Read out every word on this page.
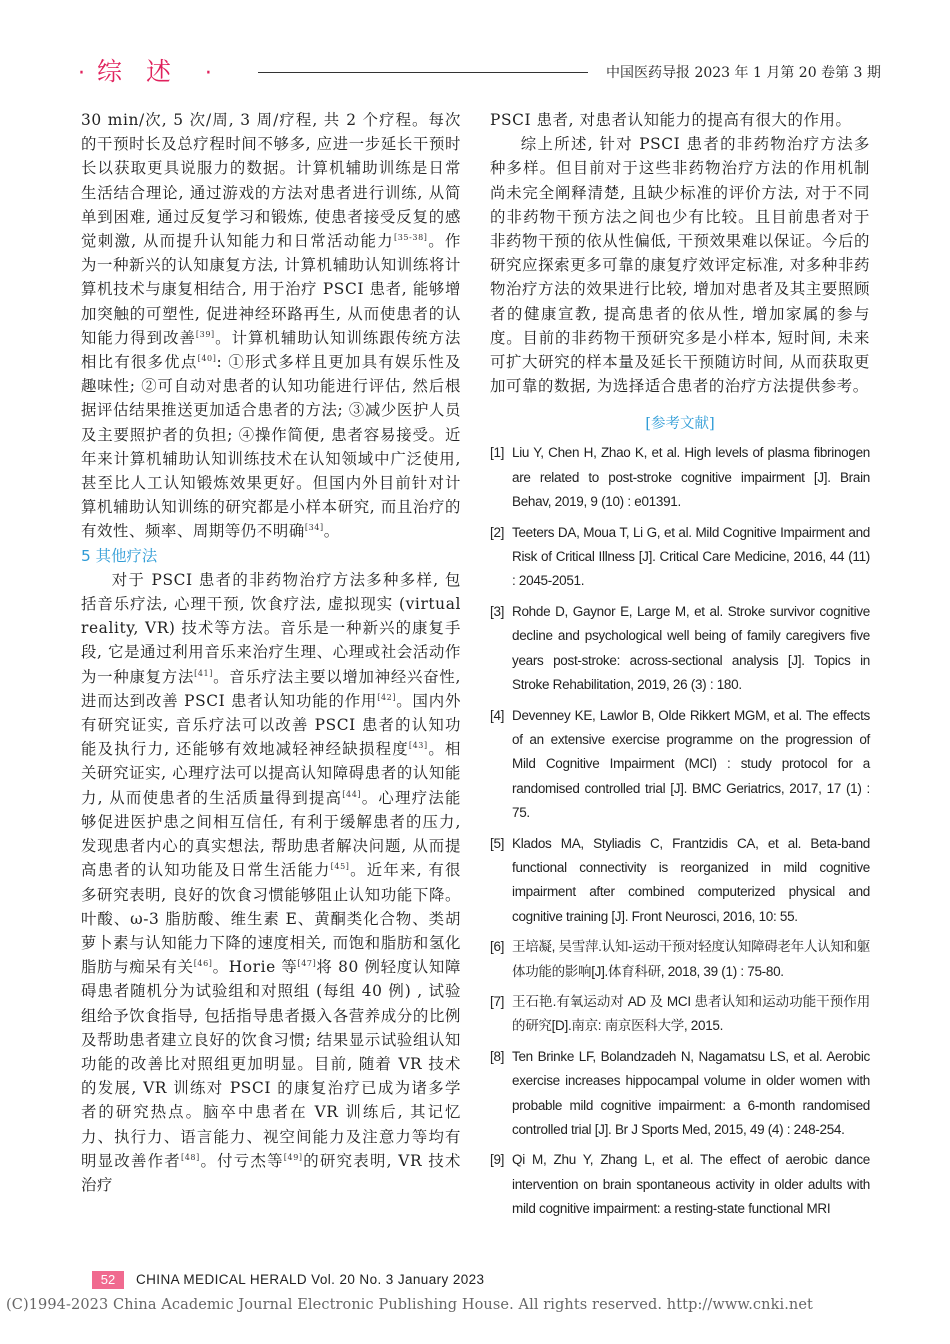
· 综述 ·	中国医药导报 2023 年 1 月第 20 卷第 3 期

30 min/次, 5 次/周, 3 周/疗程, 共 2 个疗程。每次的干预时长及总疗程时间不够多, 应进一步延长干预时长以获取更具说服力的数据。计算机辅助训练是日常生活结合理论, 通过游戏的方法对患者进行训练, 从简单到困难, 通过反复学习和锻炼, 使患者接受反复的感觉刺激, 从而提升认知能力和日常活动能力[35-38]。作为一种新兴的认知康复方法, 计算机辅助认知训练将计算机技术与康复相结合, 用于治疗 PSCI 患者, 能够增加突触的可塑性, 促进神经环路再生, 从而使患者的认知能力得到改善[39]。计算机辅助认知训练跟传统方法相比有很多优点[40]: ①形式多样且更加具有娱乐性及趣味性; ②可自动对患者的认知功能进行评估, 然后根据评估结果推送更加适合患者的方法; ③减少医护人员及主要照护者的负担; ④操作简便, 患者容易接受。近年来计算机辅助认知训练技术在认知领域中广泛使用, 甚至比人工认知锻炼效果更好。但国内外目前针对计算机辅助认知训练的研究都是小样本研究, 而且治疗的有效性、频率、周期等仍不明确[34]。

5 其他疗法

对于 PSCI 患者的非药物治疗方法多种多样, 包括音乐疗法, 心理干预, 饮食疗法, 虚拟现实 (virtual reality, VR) 技术等方法。音乐是一种新兴的康复手段, 它是通过利用音乐来治疗生理、心理或社会活动作为一种康复方法[41]。音乐疗法主要以增加神经兴奋性, 进而达到改善 PSCI 患者认知功能的作用[42]。国内外有研究证实, 音乐疗法可以改善 PSCI 患者的认知功能及执行力, 还能够有效地减轻神经缺损程度[43]。相关研究证实, 心理疗法可以提高认知障碍患者的认知能力, 从而使患者的生活质量得到提高[44]。心理疗法能够促进医护患之间相互信任, 有利于缓解患者的压力, 发现患者内心的真实想法, 帮助患者解决问题, 从而提高患者的认知功能及日常生活能力[45]。近年来, 有很多研究表明, 良好的饮食习惯能够阻止认知功能下降。叶酸、ω-3 脂肪酸、维生素 E、黄酮类化合物、类胡萝卜素与认知能力下降的速度相关, 而饱和脂肪和氢化脂肪与痴呆有关[46]。Horie 等[47]将 80 例轻度认知障碍患者随机分为试验组和对照组 (每组 40 例) , 试验组给予饮食指导, 包括指导患者摄入各营养成分的比例及帮助患者建立良好的饮食习惯; 结果显示试验组认知功能的改善比对照组更加明显。目前, 随着 VR 技术的发展, VR 训练对 PSCI 的康复治疗已成为诸多学者的研究热点。脑卒中患者在 VR 训练后, 其记忆力、执行力、语言能力、视空间能力及注意力等均有明显改善作者[48]。付亏杰等[49]的研究表明, VR 技术治疗

PSCI 患者, 对患者认知能力的提高有很大的作用。

综上所述, 针对 PSCI 患者的非药物治疗方法多种多样。但目前对于这些非药物治疗方法的作用机制尚未完全阐释清楚, 且缺少标准的评价方法, 对于不同的非药物干预方法之间也少有比较。且目前患者对于非药物干预的依从性偏低, 干预效果难以保证。今后的研究应探索更多可靠的康复疗效评定标准, 对多种非药物治疗方法的效果进行比较, 增加对患者及其主要照顾者的健康宣教, 提高患者的依从性, 增加家属的参与度。目前的非药物干预研究多是小样本, 短时间, 未来可扩大研究的样本量及延长干预随访时间, 从而获取更加可靠的数据, 为选择适合患者的治疗方法提供参考。

[参考文献]
[1] Liu Y, Chen H, Zhao K, et al. High levels of plasma fibrinogen are related to post-stroke cognitive impairment [J]. Brain Behav, 2019, 9 (10) : e01391.
[2] Teeters DA, Moua T, Li G, et al. Mild Cognitive Impairment and Risk of Critical Illness [J]. Critical Care Medicine, 2016, 44 (11) : 2045-2051.
[3] Rohde D, Gaynor E, Large M, et al. Stroke survivor cognitive decline and psychological well being of family caregivers five years post-stroke: across-sectional analysis [J]. Topics in Stroke Rehabilitation, 2019, 26 (3) : 180.
[4] Devenney KE, Lawlor B, Olde Rikkert MGM, et al. The effects of an extensive exercise programme on the progression of Mild Cognitive Impairment (MCI) : study protocol for a randomised controlled trial [J]. BMC Geriatrics, 2017, 17 (1) : 75.
[5] Klados MA, Styliadis C, Frantzidis CA, et al. Beta-band functional connectivity is reorganized in mild cognitive impairment after combined computerized physical and cognitive training [J]. Front Neurosci, 2016, 10: 55.
[6] 王培凝, 吴雪萍.认知-运动干预对轻度认知障碍老年人认知和躯体功能的影响[J].体育科研, 2018, 39 (1) : 75-80.
[7] 王石艳.有氧运动对 AD 及 MCI 患者认知和运动功能干预作用的研究[D].南京: 南京医科大学, 2015.
[8] Ten Brinke LF, Bolandzadeh N, Nagamatsu LS, et al. Aerobic exercise increases hippocampal volume in older women with probable mild cognitive impairment: a 6-month randomised controlled trial [J]. Br J Sports Med, 2015, 49 (4) : 248-254.
[9] Qi M, Zhu Y, Zhang L, et al. The effect of aerobic dance intervention on brain spontaneous activity in older adults with mild cognitive impairment: a resting-state functional MRI
52	CHINA MEDICAL HERALD Vol. 20 No. 3 January 2023
(C)1994-2023 China Academic Journal Electronic Publishing House. All rights reserved. http://www.cnki.net
